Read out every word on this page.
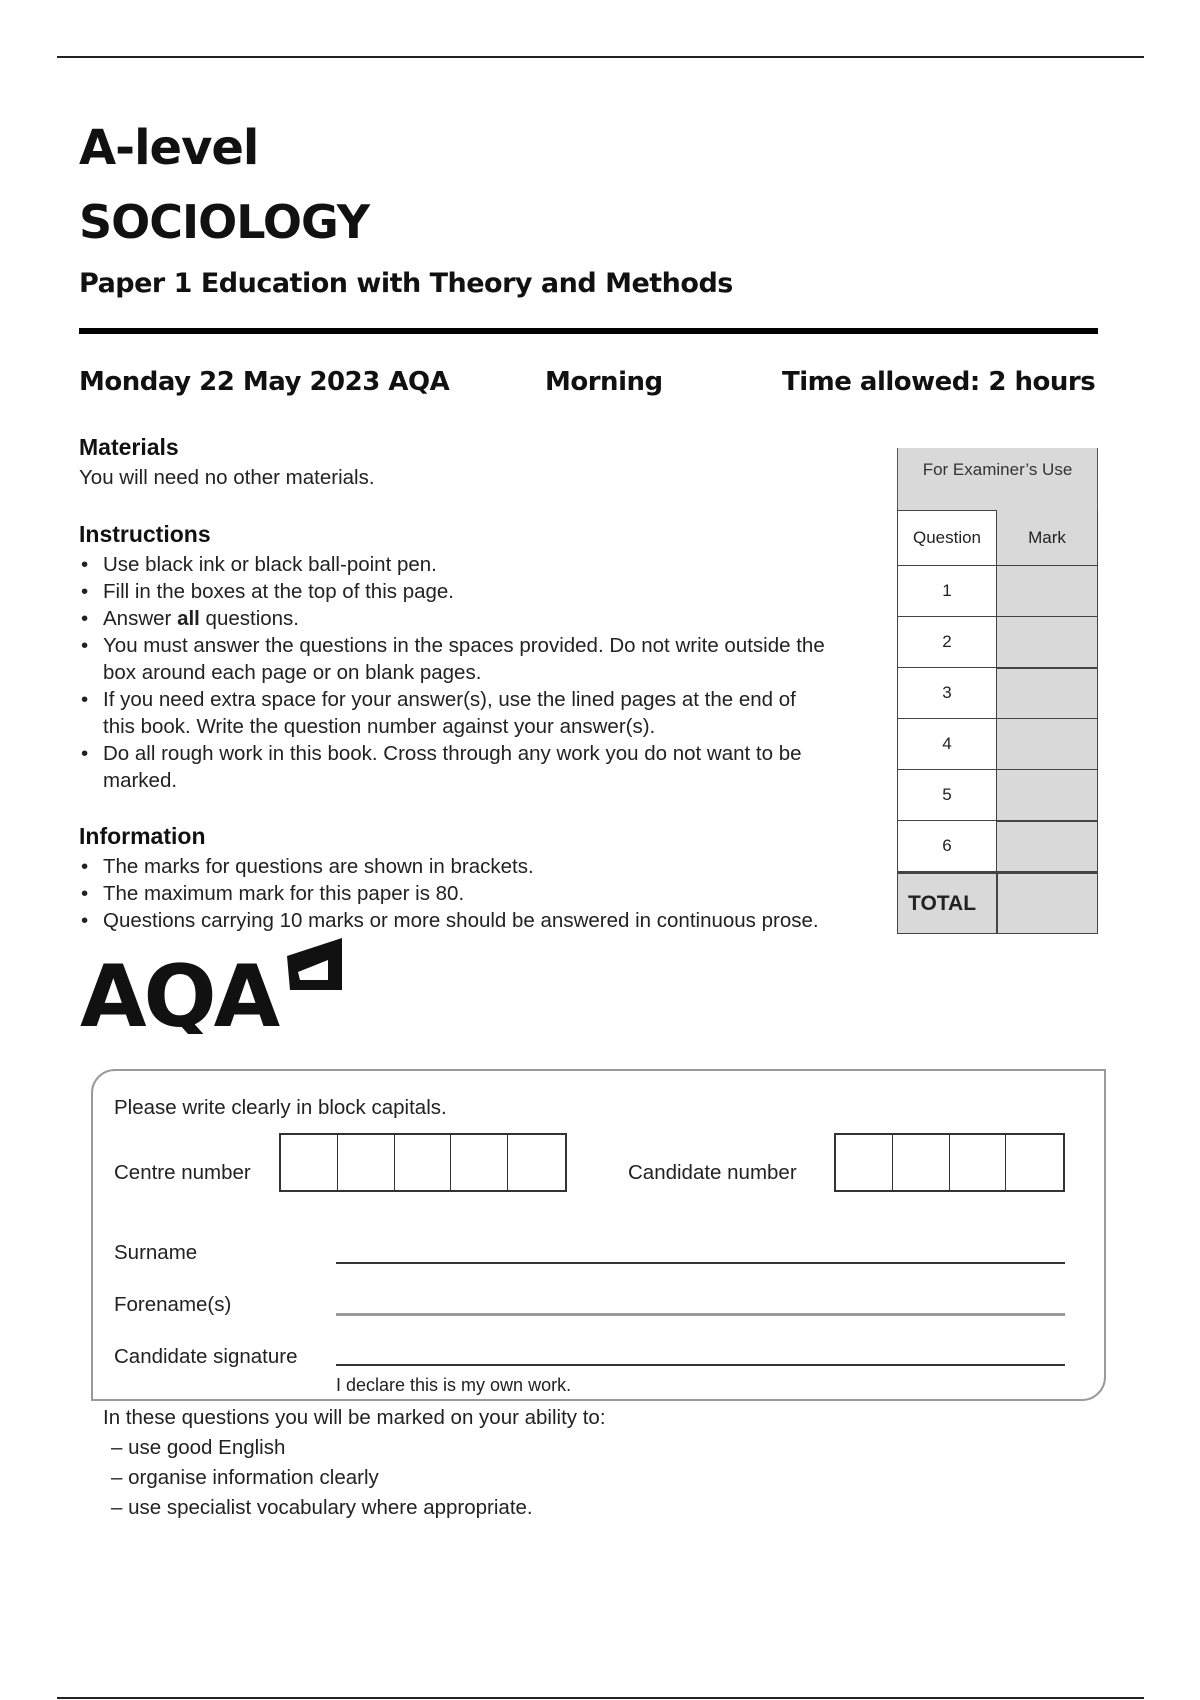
A-level
SOCIOLOGY
Paper 1 Education with Theory and Methods
Monday 22 May 2023 AQA	Morning	Time allowed: 2 hours
Materials
You will need no other materials.
Instructions
• Use black ink or black ball-point pen.
• Fill in the boxes at the top of this page.
• Answer all questions.
• You must answer the questions in the spaces provided. Do not write outside the
box around each page or on blank pages.
• If you need extra space for your answer(s), use the lined pages at the end of
this book. Write the question number against your answer(s).
• Do all rough work in this book. Cross through any work you do not want to be
marked.
Information
• The marks for questions are shown in brackets.
• The maximum mark for this paper is 80.
• Questions carrying 10 marks or more should be answered in continuous prose.
For Examiner’s Use
Question	Mark
1
2
3
4
5
6
TOTAL
AQA
Please write clearly in block capitals.
Centre number	Candidate number
Surname
Forename(s)
Candidate signature
I declare this is my own work.
In these questions you will be marked on your ability to:
– use good English
– organise information clearly
– use specialist vocabulary where appropriate.
